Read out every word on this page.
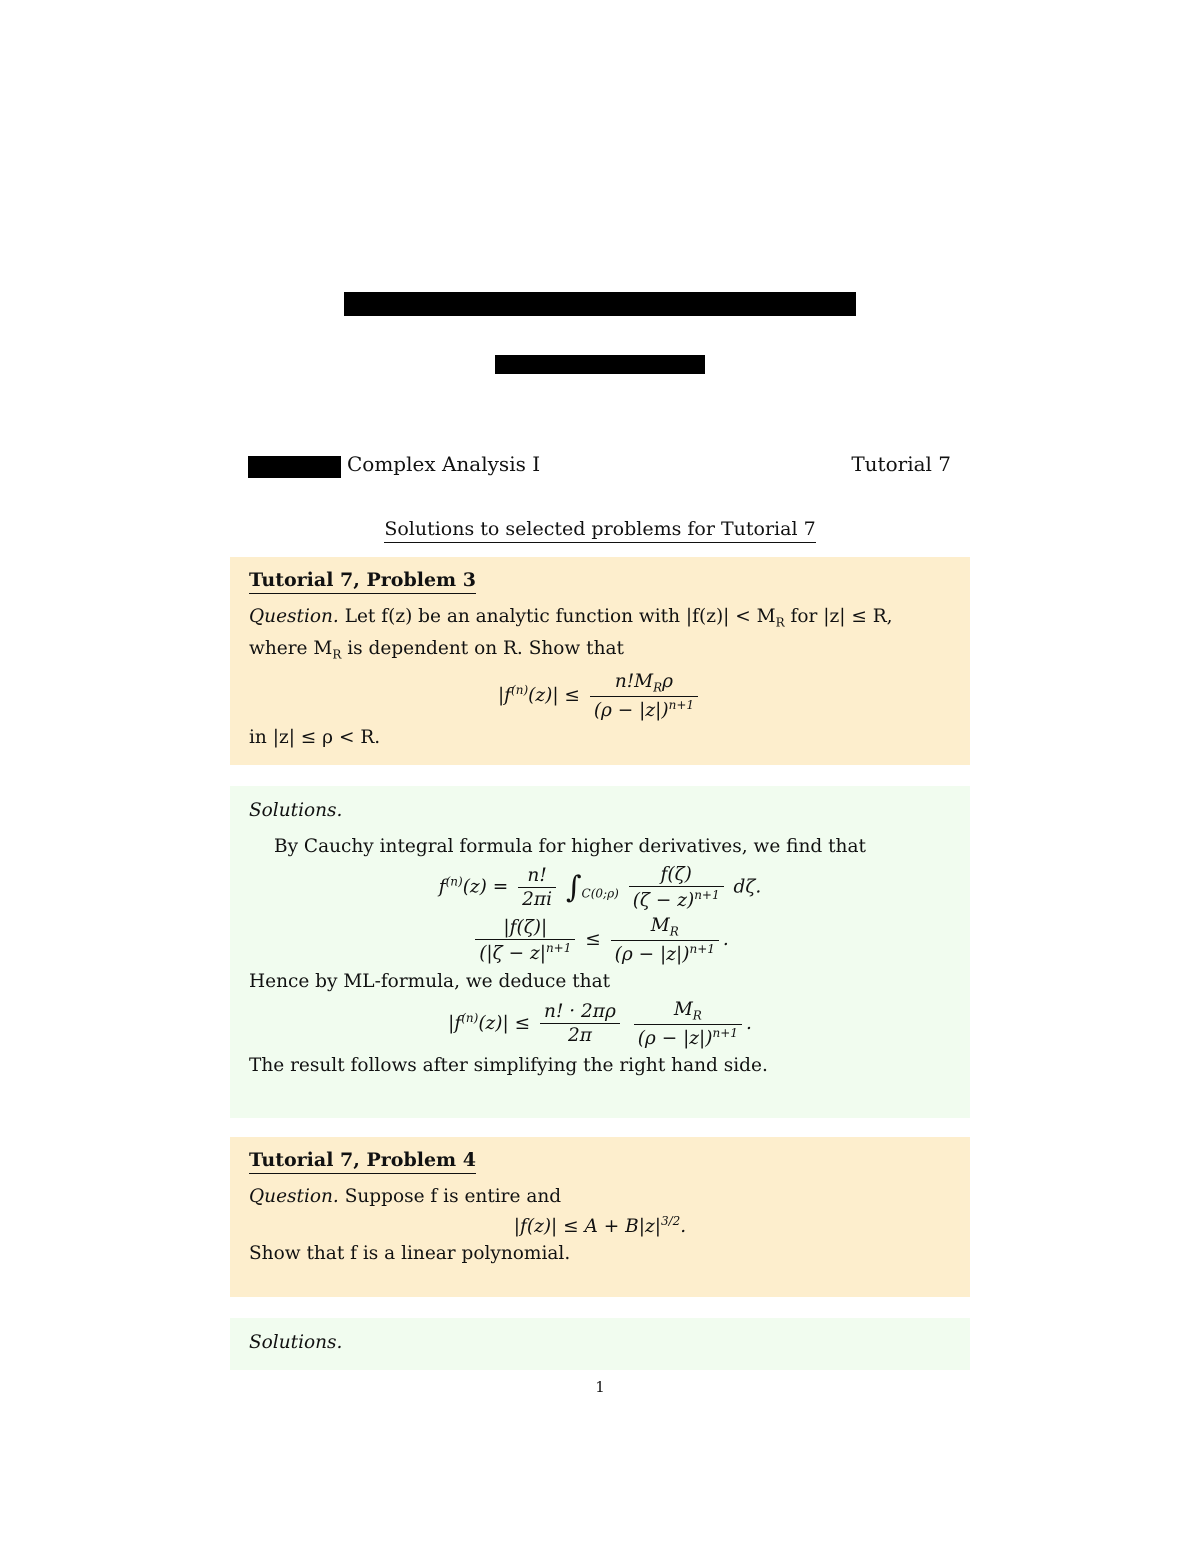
Complex Analysis I	Tutorial 7
Solutions to selected problems for Tutorial 7
Tutorial 7, Problem 3

Question. Let f(z) be an analytic function with $|f(z)| < M_R$ for |z| ≤ R,

where $M_R$ is dependent on R. Show that

$|f^{(n)}(z)| \le \frac{n!M_R\rho}{(\rho - |z|)^{n+1}}$

in |z| ≤ ρ < R.

Solutions.

By Cauchy integral formula for higher derivatives, we find that

$f^{(n)}(z) = \frac{n!}{2\pi i} \int_{C(0;\rho)} \frac{f(\zeta)}{(\zeta - z)^{n+1}} d\zeta$.
$\frac{|f(\zeta)|}{(|\zeta - z|^{n+1}} \le \frac{M_R}{(\rho - |z|)^{n+1}}$ .

Hence by ML-formula, we deduce that

$|f^{(n)}(z)| \le \frac{n! \cdot 2\pi\rho}{2\pi}$
$\frac{M_R}{(\rho - |z|)^{n+1}}$ .

The result follows after simplifying the right hand side.

Tutorial 7, Problem 4

Question. Suppose f is entire and

$|f(z)| \le A + B|z|^{3/2}$.

Show that f is a linear polynomial.

Solutions.

1
